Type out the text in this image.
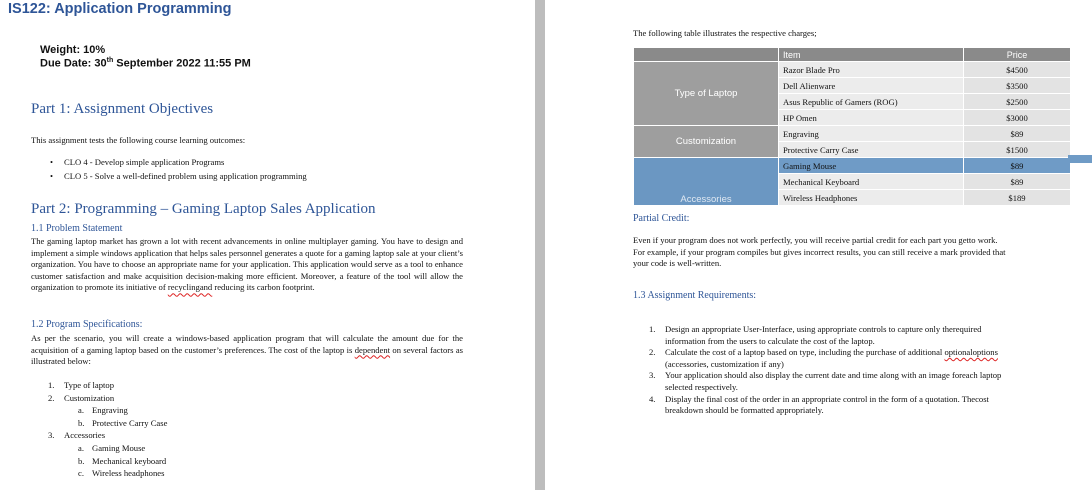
IS122: Application Programming
Weight: 10%
Due Date: 30th September 2022 11:55 PM
Part 1: Assignment Objectives
This assignment tests the following course learning outcomes:
• CLO 4 - Develop simple application Programs
• CLO 5 - Solve a well-defined problem using application programming
Part 2: Programming – Gaming Laptop Sales Application
1.1 Problem Statement
The gaming laptop market has grown a lot with recent advancements in online multiplayer gaming. You have to design and implement a simple windows application that helps sales personnel generates a quote for a gaming laptop sale at your client’s organization. You have to choose an appropriate name for your application. This application would serve as a tool to enhance customer satisfaction and make acquisition decision-making more efficient. Moreover, a feature of the tool will allow the organization to promote its initiative of recyclingand reducing its carbon footprint.
1.2 Program Specifications:
As per the scenario, you will create a windows-based application program that will calculate the amount due for the acquisition of a gaming laptop based on the customer’s preferences. The cost of the laptop is dependent on several factors as illustrated below:
1. Type of laptop
2. Customization
a. Engraving
b. Protective Carry Case
3. Accessories
a. Gaming Mouse
b. Mechanical keyboard
c. Wireless headphones
The following table illustrates the respective charges;
	Item	Price
Type of Laptop	Razor Blade Pro	$4500
	Dell Alienware	$3500
	Asus Republic of Gamers (ROG)	$2500
	HP Omen	$3000
Customization	Engraving	$89
	Protective Carry Case	$1500
Accessories	Gaming Mouse	$89
	Mechanical Keyboard	$89
	Wireless Headphones	$189
Partial Credit:
Even if your program does not work perfectly, you will receive partial credit for each part you getto work. For example, if your program compiles but gives incorrect results, you can still receive a mark provided that your code is well-written.
1.3 Assignment Requirements:
1.	Design an appropriate User-Interface, using appropriate controls to capture only therequired information from the users to calculate the cost of the laptop.
2.	Calculate the cost of a laptop based on type, including the purchase of additional optionaloptions (accessories, customization if any)
3.	Your application should also display the current date and time along with an image foreach laptop selected respectively.
4.	Display the final cost of the order in an appropriate control in the form of a quotation. Thecost breakdown should be formatted appropriately.
